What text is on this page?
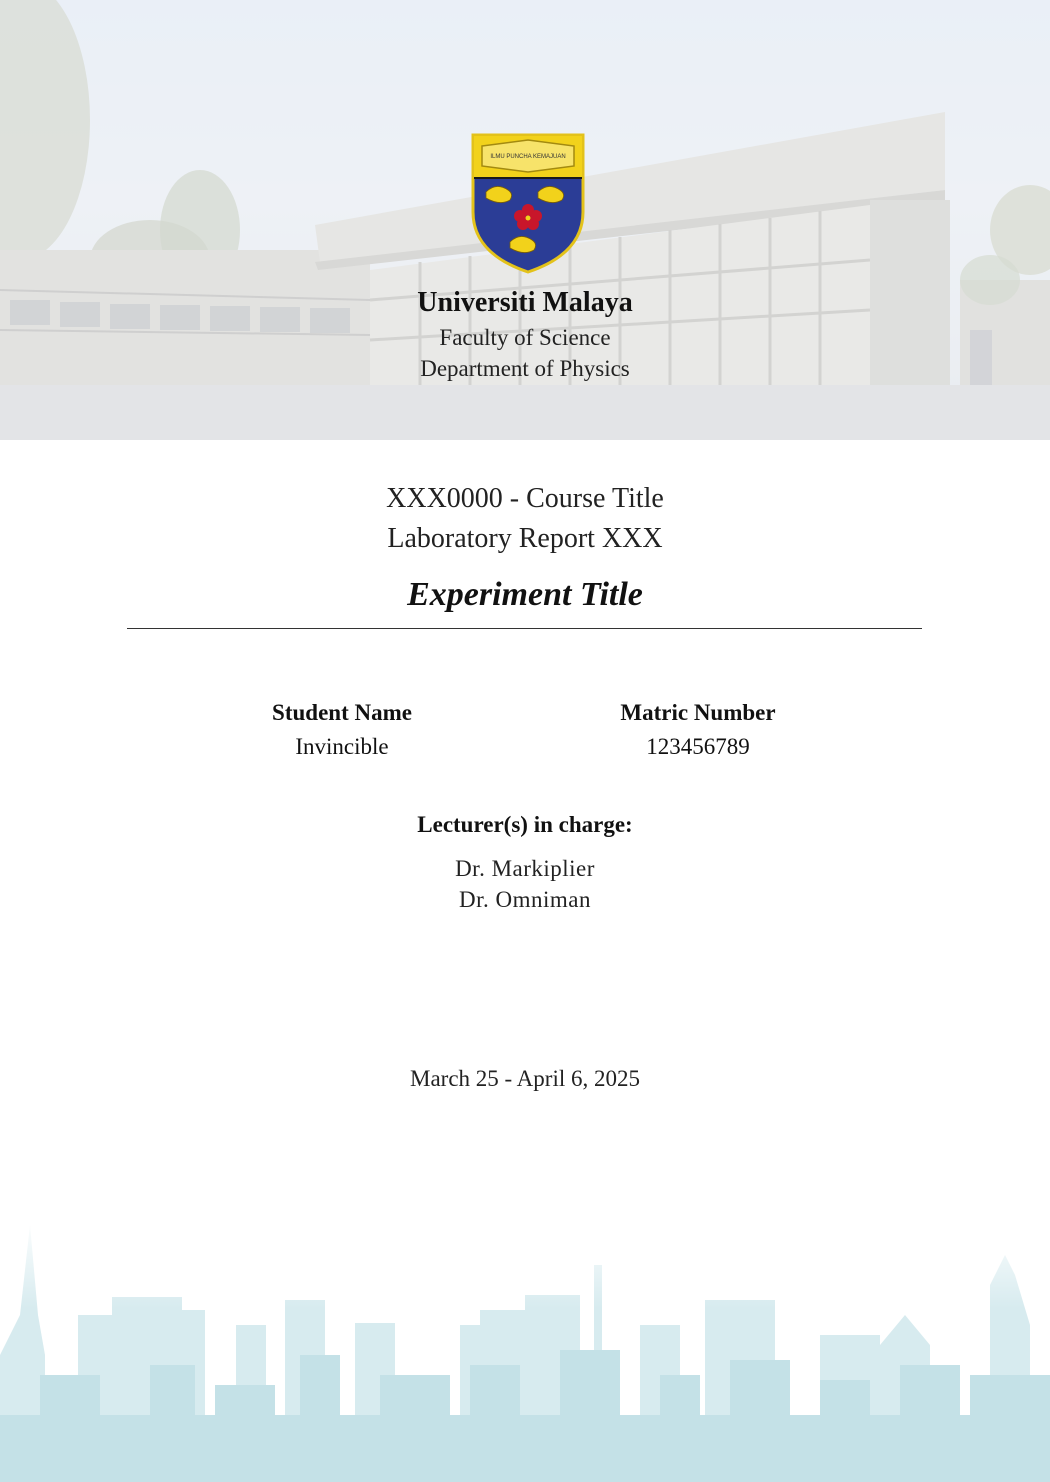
ILMU PUNCHA KEMAJUAN
Universiti Malaya
Faculty of Science
Department of Physics
XXX0000 - Course Title
Laboratory Report XXX
Experiment Title
Student Name
Invincible
Matric Number
123456789
Lecturer(s) in charge:
Dr. Markiplier
Dr. Omniman
March 25 - April 6, 2025
